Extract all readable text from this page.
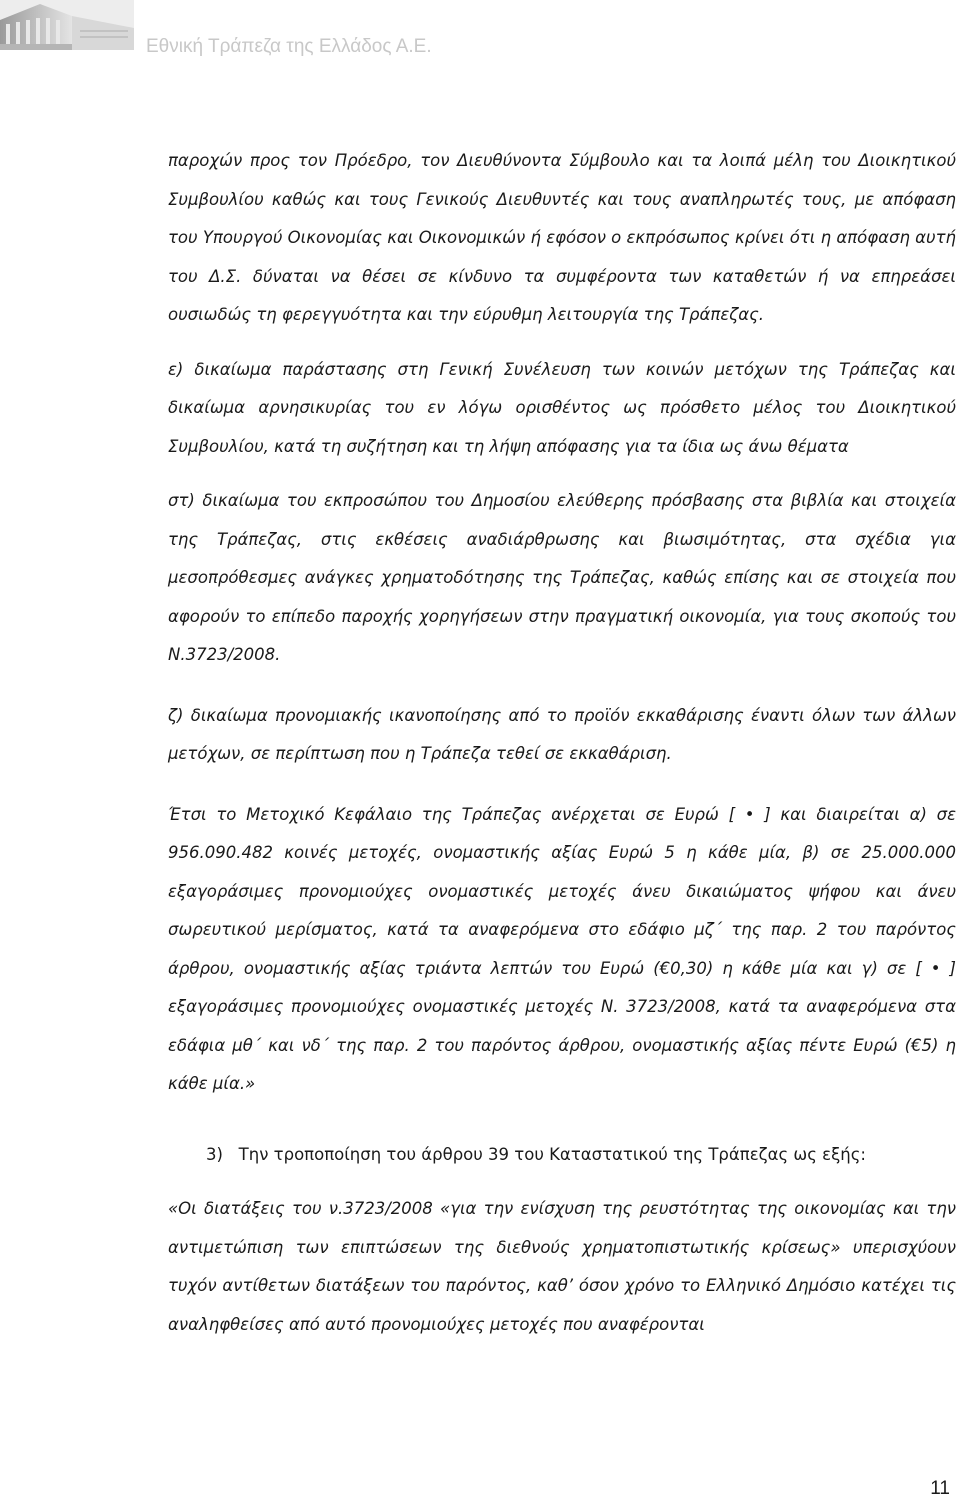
Εθνική Τράπεζα της Ελλάδος Α.Ε.

παροχών προς τον Πρόεδρο, τον Διευθύνοντα Σύμβουλο και τα λοιπά μέλη του Διοικητικού Συμβουλίου καθώς και τους Γενικούς Διευθυντές και τους αναπληρωτές τους, με απόφαση του Υπουργού Οικονομίας και Οικονομικών ή εφόσον ο εκπρόσωπος κρίνει ότι η απόφαση αυτή του Δ.Σ. δύναται να θέσει σε κίνδυνο τα συμφέροντα των καταθετών ή να επηρεάσει ουσιωδώς τη φερεγγυότητα και την εύρυθμη λειτουργία της Τράπεζας.

ε) δικαίωμα παράστασης στη Γενική Συνέλευση των κοινών μετόχων της Τράπεζας και δικαίωμα αρνησικυρίας του εν λόγω ορισθέντος ως πρόσθετο μέλος του Διοικητικού Συμβουλίου, κατά τη συζήτηση και τη λήψη απόφασης για τα ίδια ως άνω θέματα

στ) δικαίωμα του εκπροσώπου του Δημοσίου ελεύθερης πρόσβασης στα βιβλία και στοιχεία της Τράπεζας, στις εκθέσεις αναδιάρθρωσης και βιωσιμότητας, στα σχέδια για μεσοπρόθεσμες ανάγκες χρηματοδότησης της Τράπεζας, καθώς επίσης και σε στοιχεία που αφορούν το επίπεδο παροχής χορηγήσεων στην πραγματική οικονομία, για τους σκοπούς του Ν.3723/2008.

ζ) δικαίωμα προνομιακής ικανοποίησης από το προϊόν εκκαθάρισης έναντι όλων των άλλων μετόχων, σε περίπτωση που η Τράπεζα τεθεί σε εκκαθάριση.

Έτσι το Μετοχικό Κεφάλαιο της Τράπεζας ανέρχεται σε Ευρώ [ • ] και διαιρείται α) σε 956.090.482 κοινές μετοχές, ονομαστικής αξίας Ευρώ 5 η κάθε μία, β) σε 25.000.000 εξαγοράσιμες προνομιούχες ονομαστικές μετοχές άνευ δικαιώματος ψήφου και άνευ σωρευτικού μερίσματος, κατά τα αναφερόμενα στο εδάφιο μζ΄ της παρ. 2 του παρόντος άρθρου, ονομαστικής αξίας τριάντα λεπτών του Ευρώ (€0,30) η κάθε μία και γ) σε [ • ] εξαγοράσιμες προνομιούχες ονομαστικές μετοχές Ν. 3723/2008, κατά τα αναφερόμενα στα εδάφια μθ΄ και νδ΄ της παρ. 2 του παρόντος άρθρου, ονομαστικής αξίας πέντε Ευρώ (€5) η κάθε μία.»

3)   Την τροποποίηση του άρθρου 39 του Καταστατικού της Τράπεζας ως εξής:

«Οι διατάξεις του ν.3723/2008 «για την ενίσχυση της ρευστότητας της οικονομίας και την αντιμετώπιση των επιπτώσεων της διεθνούς χρηματοπιστωτικής κρίσεως» υπερισχύουν τυχόν αντίθετων διατάξεων του παρόντος, καθ’ όσον χρόνο το Ελληνικό Δημόσιο κατέχει τις αναληφθείσες από αυτό προνομιούχες μετοχές που αναφέρονται

11
